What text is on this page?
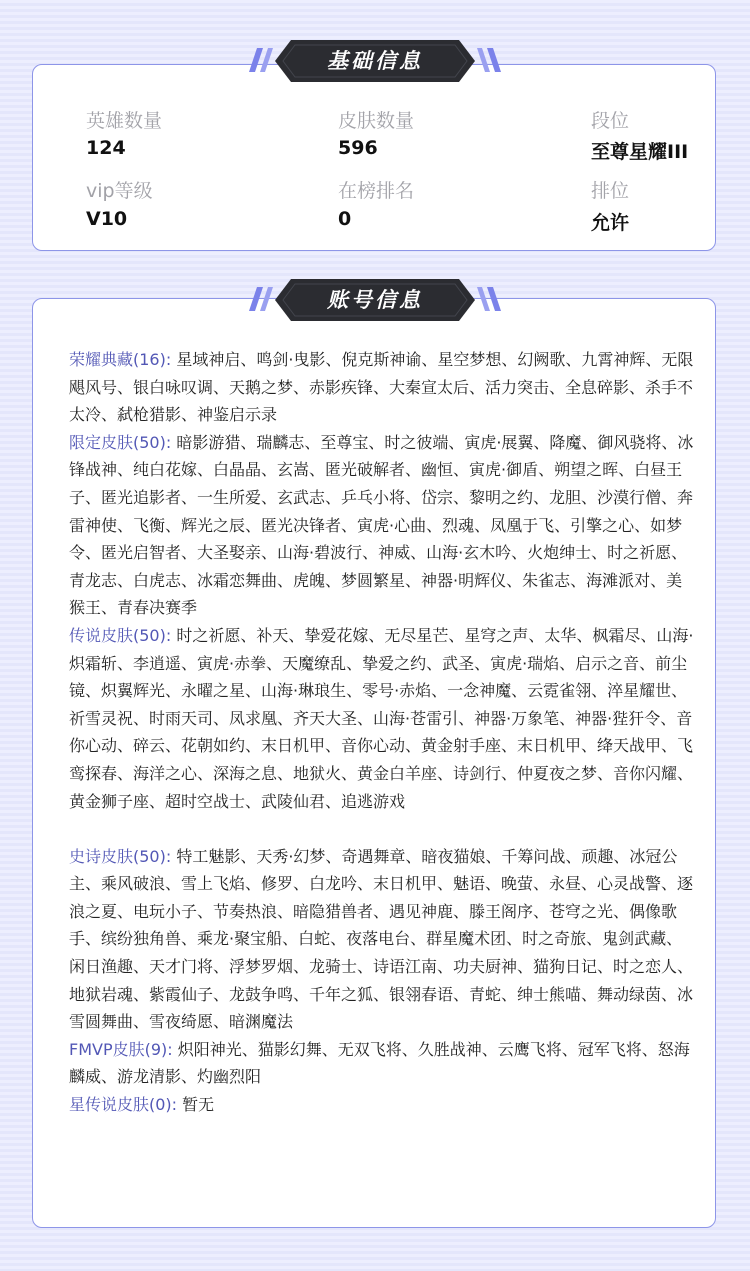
英雄数量
124
皮肤数量
596
段位
至尊星耀III
vip等级
V10
在榜排名
0
排位
允许
基础信息

荣耀典藏(16): 星域神启、鸣剑·曳影、倪克斯神谕、星空梦想、幻阙歌、九霄神辉、无限飓风号、银白咏叹调、天鹅之梦、赤影疾锋、大秦宣太后、活力突击、全息碎影、杀手不太冷、弑枪猎影、神鉴启示录

限定皮肤(50): 暗影游猎、瑞麟志、至尊宝、时之彼端、寅虎·展翼、降魔、御风骁将、冰锋战神、纯白花嫁、白晶晶、玄嵩、匿光破解者、幽恒、寅虎·御盾、朔望之晖、白昼王子、匿光追影者、一生所爱、玄武志、乒乓小将、岱宗、黎明之约、龙胆、沙漠行僧、奔雷神使、飞衡、辉光之辰、匿光决锋者、寅虎·心曲、烈魂、凤凰于飞、引擎之心、如梦令、匿光启智者、大圣娶亲、山海·碧波行、神威、山海·玄木吟、火炮绅士、时之祈愿、青龙志、白虎志、冰霜恋舞曲、虎魄、梦圆繁星、神器·明辉仪、朱雀志、海滩派对、美猴王、青春决赛季

传说皮肤(50): 时之祈愿、补天、挚爱花嫁、无尽星芒、星穹之声、太华、枫霜尽、山海·炽霜斩、李逍遥、寅虎·赤拳、天魔缭乱、挚爱之约、武圣、寅虎·瑞焰、启示之音、前尘镜、炽翼辉光、永曜之星、山海·琳琅生、零号·赤焰、一念神魔、云霓雀翎、淬星耀世、祈雪灵祝、时雨天司、凤求凰、齐天大圣、山海·苍雷引、神器·万象笔、神器·狴犴令、音你心动、碎云、花朝如约、末日机甲、音你心动、黄金射手座、末日机甲、绛天战甲、飞鸾探春、海洋之心、深海之息、地狱火、黄金白羊座、诗剑行、仲夏夜之梦、音你闪耀、黄金狮子座、超时空战士、武陵仙君、追逃游戏

史诗皮肤(50): 特工魅影、天秀·幻梦、奇遇舞章、暗夜猫娘、千筹问战、顽趣、冰冠公主、乘风破浪、雪上飞焰、修罗、白龙吟、末日机甲、魅语、晚萤、永昼、心灵战警、逐浪之夏、电玩小子、节奏热浪、暗隐猎兽者、遇见神鹿、滕王阁序、苍穹之光、偶像歌手、缤纷独角兽、乘龙·聚宝船、白蛇、夜落电台、群星魔术团、时之奇旅、鬼剑武藏、闲日渔趣、天才门将、浮梦罗烟、龙骑士、诗语江南、功夫厨神、猫狗日记、时之恋人、地狱岩魂、紫霞仙子、龙鼓争鸣、千年之狐、银翎春语、青蛇、绅士熊喵、舞动绿茵、冰雪圆舞曲、雪夜绮愿、暗渊魔法

FMVP皮肤(9): 炽阳神光、猫影幻舞、无双飞将、久胜战神、云鹰飞将、冠军飞将、怒海麟威、游龙清影、灼幽烈阳

星传说皮肤(0): 暂无

账号信息
